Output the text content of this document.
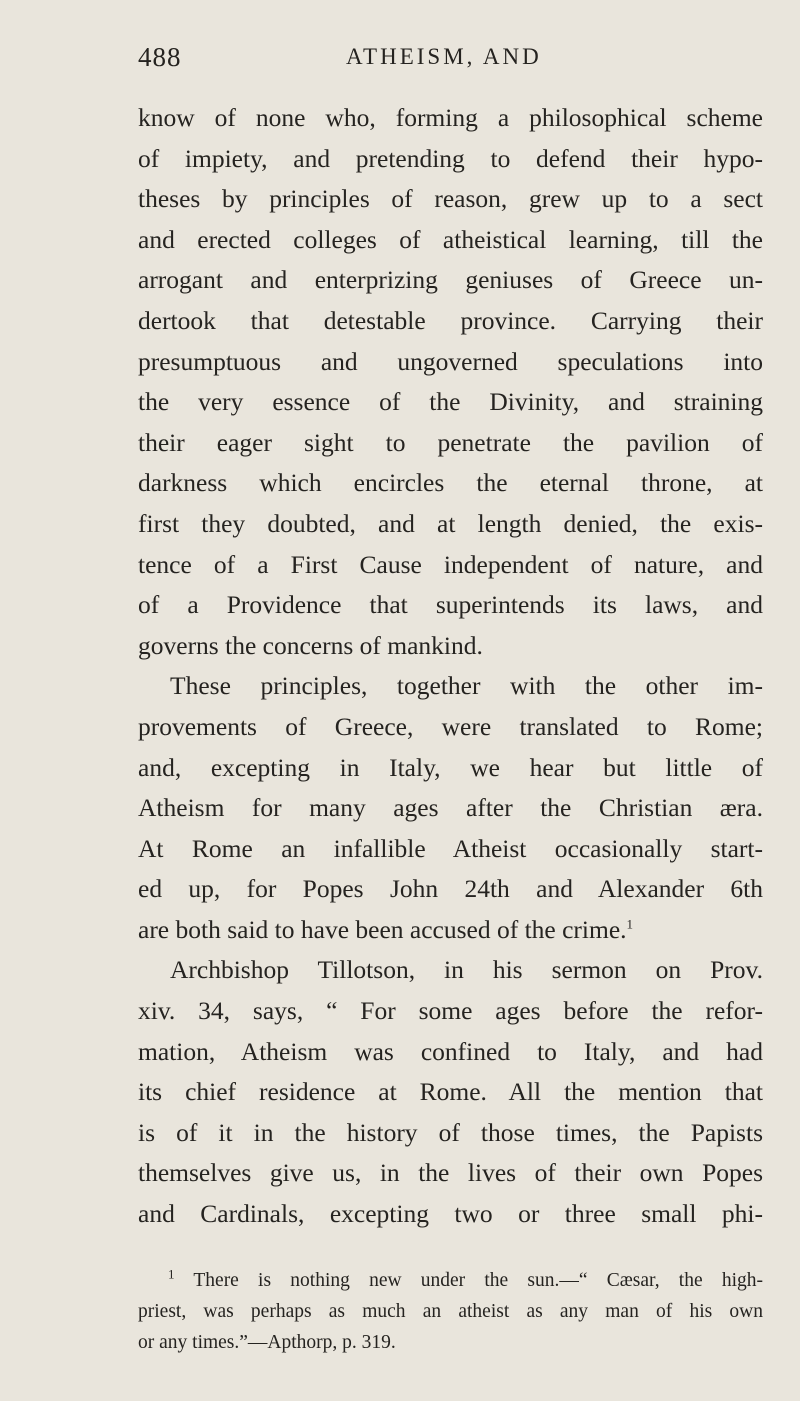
488	ATHEISM, AND
know of none who, forming a philosophical scheme
of impiety, and pretending to defend their hypo-
theses by principles of reason, grew up to a sect
and erected colleges of atheistical learning, till the
arrogant and enterprizing geniuses of Greece un-
dertook that detestable province. Carrying their
presumptuous and ungoverned speculations into
the very essence of the Divinity, and straining
their eager sight to penetrate the pavilion of
darkness which encircles the eternal throne, at
first they doubted, and at length denied, the exis-
tence of a First Cause independent of nature, and
of a Providence that superintends its laws, and
governs the concerns of mankind.
These principles, together with the other im-
provements of Greece, were translated to Rome;
and, excepting in Italy, we hear but little of
Atheism for many ages after the Christian æra.
At Rome an infallible Atheist occasionally start-
ed up, for Popes John 24th and Alexander 6th
are both said to have been accused of the crime.$^1$
Archbishop Tillotson, in his sermon on Prov.
xiv. 34, says, “ For some ages before the refor-
mation, Atheism was confined to Italy, and had
its chief residence at Rome. All the mention that
is of it in the history of those times, the Papists
themselves give us, in the lives of their own Popes
and Cardinals, excepting two or three small phi-
$^1$ There is nothing new under the sun.—“ Cæsar, the high-
priest, was perhaps as much an atheist as any man of his own
or any times.”—Apthorp, p. 319.
